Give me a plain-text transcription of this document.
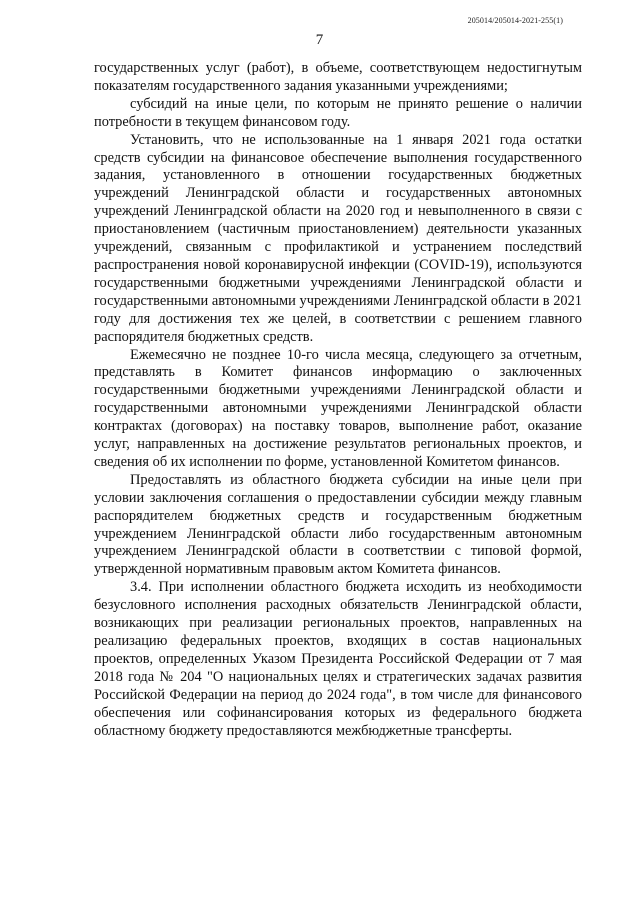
205014/205014-2021-255(1)
7

государственных услуг (работ), в объеме, соответствующем недостигнутым показателям государственного задания указанными учреждениями;

субсидий на иные цели, по которым не принято решение о наличии потребности в текущем финансовом году.

Установить, что не использованные на 1 января 2021 года остатки средств субсидии на финансовое обеспечение выполнения государственного задания, установленного в отношении государственных бюджетных учреждений Ленинградской области и государственных автономных учреждений Ленинградской области на 2020 год и невыполненного в связи с приостановлением (частичным приостановлением) деятельности указанных учреждений, связанным с профилактикой и устранением последствий распространения новой коронавирусной инфекции (COVID-19), используются государственными бюджетными учреждениями Ленинградской области и государственными автономными учреждениями Ленинградской области в 2021 году для достижения тех же целей, в соответствии с решением главного распорядителя бюджетных средств.

Ежемесячно не позднее 10-го числа месяца, следующего за отчетным, представлять в Комитет финансов информацию о заключенных государственными бюджетными учреждениями Ленинградской области и государственными автономными учреждениями Ленинградской области контрактах (договорах) на поставку товаров, выполнение работ, оказание услуг, направленных на достижение результатов региональных проектов, и сведения об их исполнении по форме, установленной Комитетом финансов.

Предоставлять из областного бюджета субсидии на иные цели при условии заключения соглашения о предоставлении субсидии между главным распорядителем бюджетных средств и государственным бюджетным учреждением Ленинградской области либо государственным автономным учреждением Ленинградской области в соответствии с типовой формой, утвержденной нормативным правовым актом Комитета финансов.

3.4. При исполнении областного бюджета исходить из необходимости безусловного исполнения расходных обязательств Ленинградской области, возникающих при реализации региональных проектов, направленных на реализацию федеральных проектов, входящих в состав национальных проектов, определенных Указом Президента Российской Федерации от 7 мая 2018 года № 204 "О национальных целях и стратегических задачах развития Российской Федерации на период до 2024 года", в том числе для финансового обеспечения или софинансирования которых из федерального бюджета областному бюджету предоставляются межбюджетные трансферты.
